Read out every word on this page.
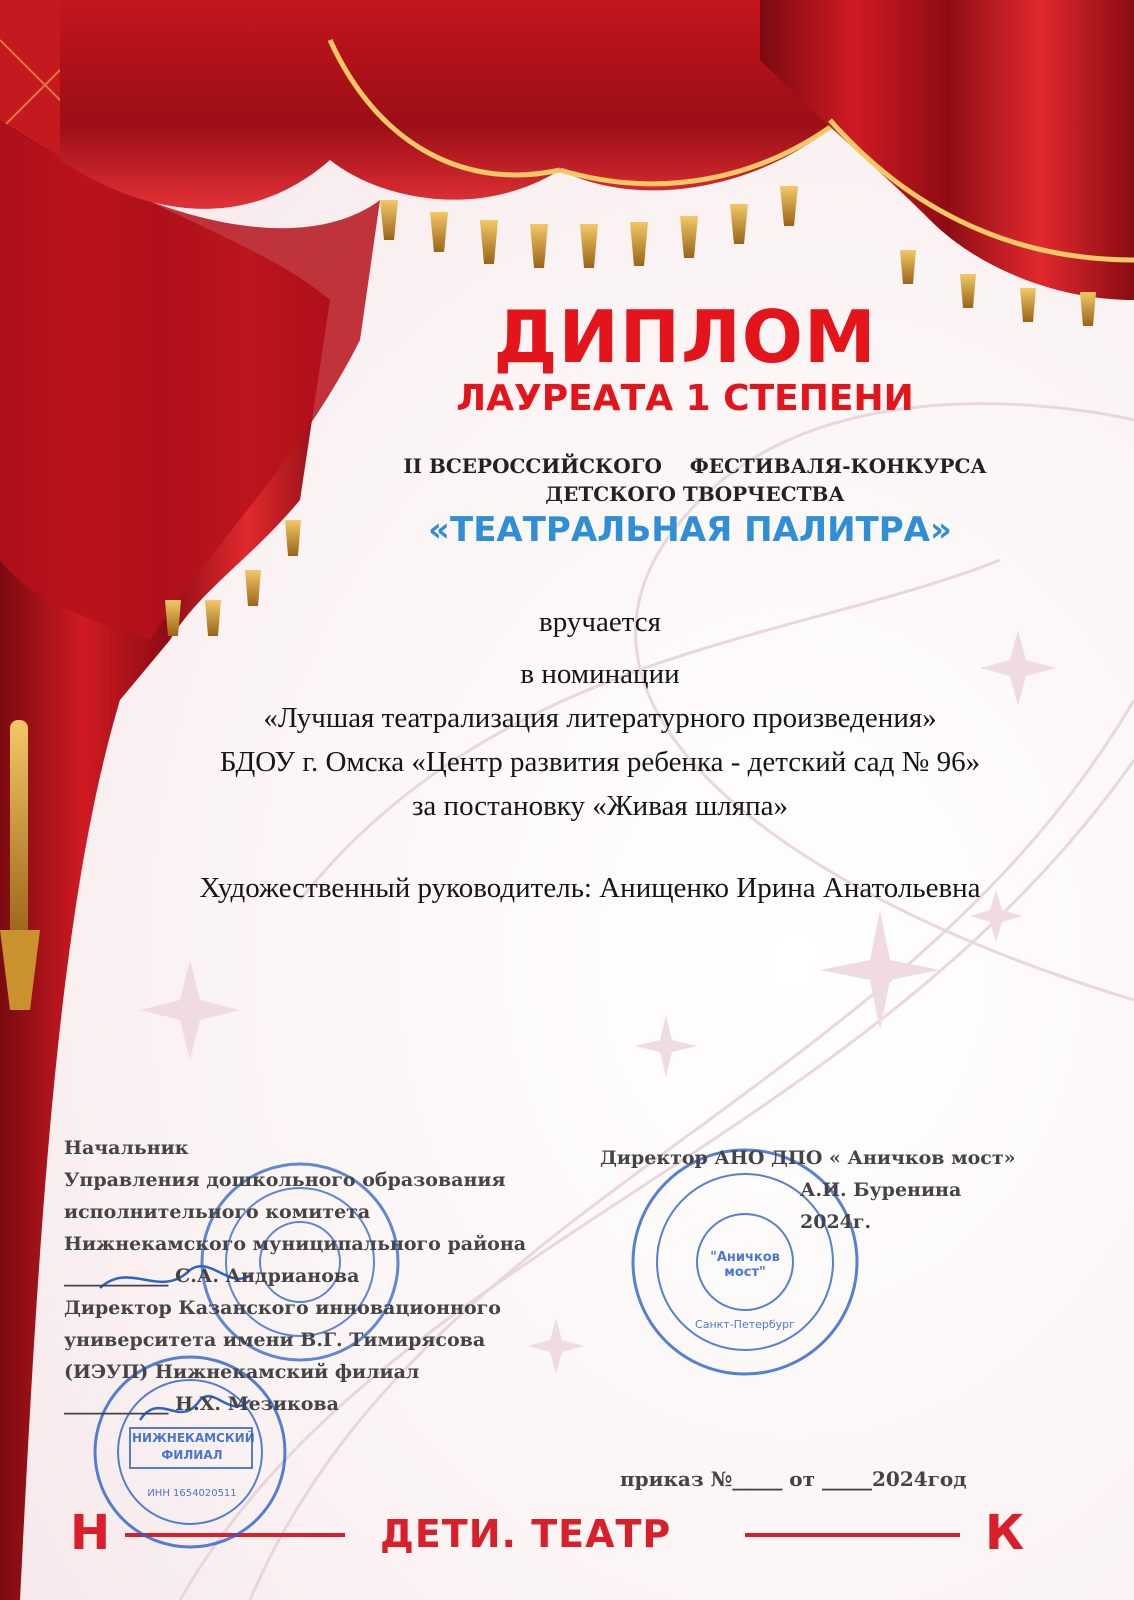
"Аничков мост"
Санкт-Петербург
НИЖНЕКАМСКИЙ ФИЛИАЛ
ИНН 1654020511
ДИПЛОМ
ЛАУРЕАТА 1 СТЕПЕНИ
II ВСЕРОССИЙСКОГО ФЕСТИВАЛЯ-КОНКУРСА
ДЕТСКОГО ТВОРЧЕСТВА
«ТЕАТРАЛЬНАЯ ПАЛИТРА»
вручается
в номинации
«Лучшая театрализация литературного произведения»
БДОУ г. Омска «Центр развития ребенка - детский сад № 96»
за постановку «Живая шляпа»
Художественный руководитель: Анищенко Ирина Анатольевна
Начальник
Управления дошкольного образования
исполнительного комитета
Нижнекамского муниципального района
___________ С.А. Андрианова
Директор Казанского инновационного
университета имени В.Г. Тимирясова
(ИЭУП) Нижнекамский филиал
___________ Н.Х. Мезикова
Директор АНО ДПО « Аничков мост»
А.И. Буренина
2024г.
приказ №_____ от _____2024год
Н	ДЕТИ. ТЕАТР	К
